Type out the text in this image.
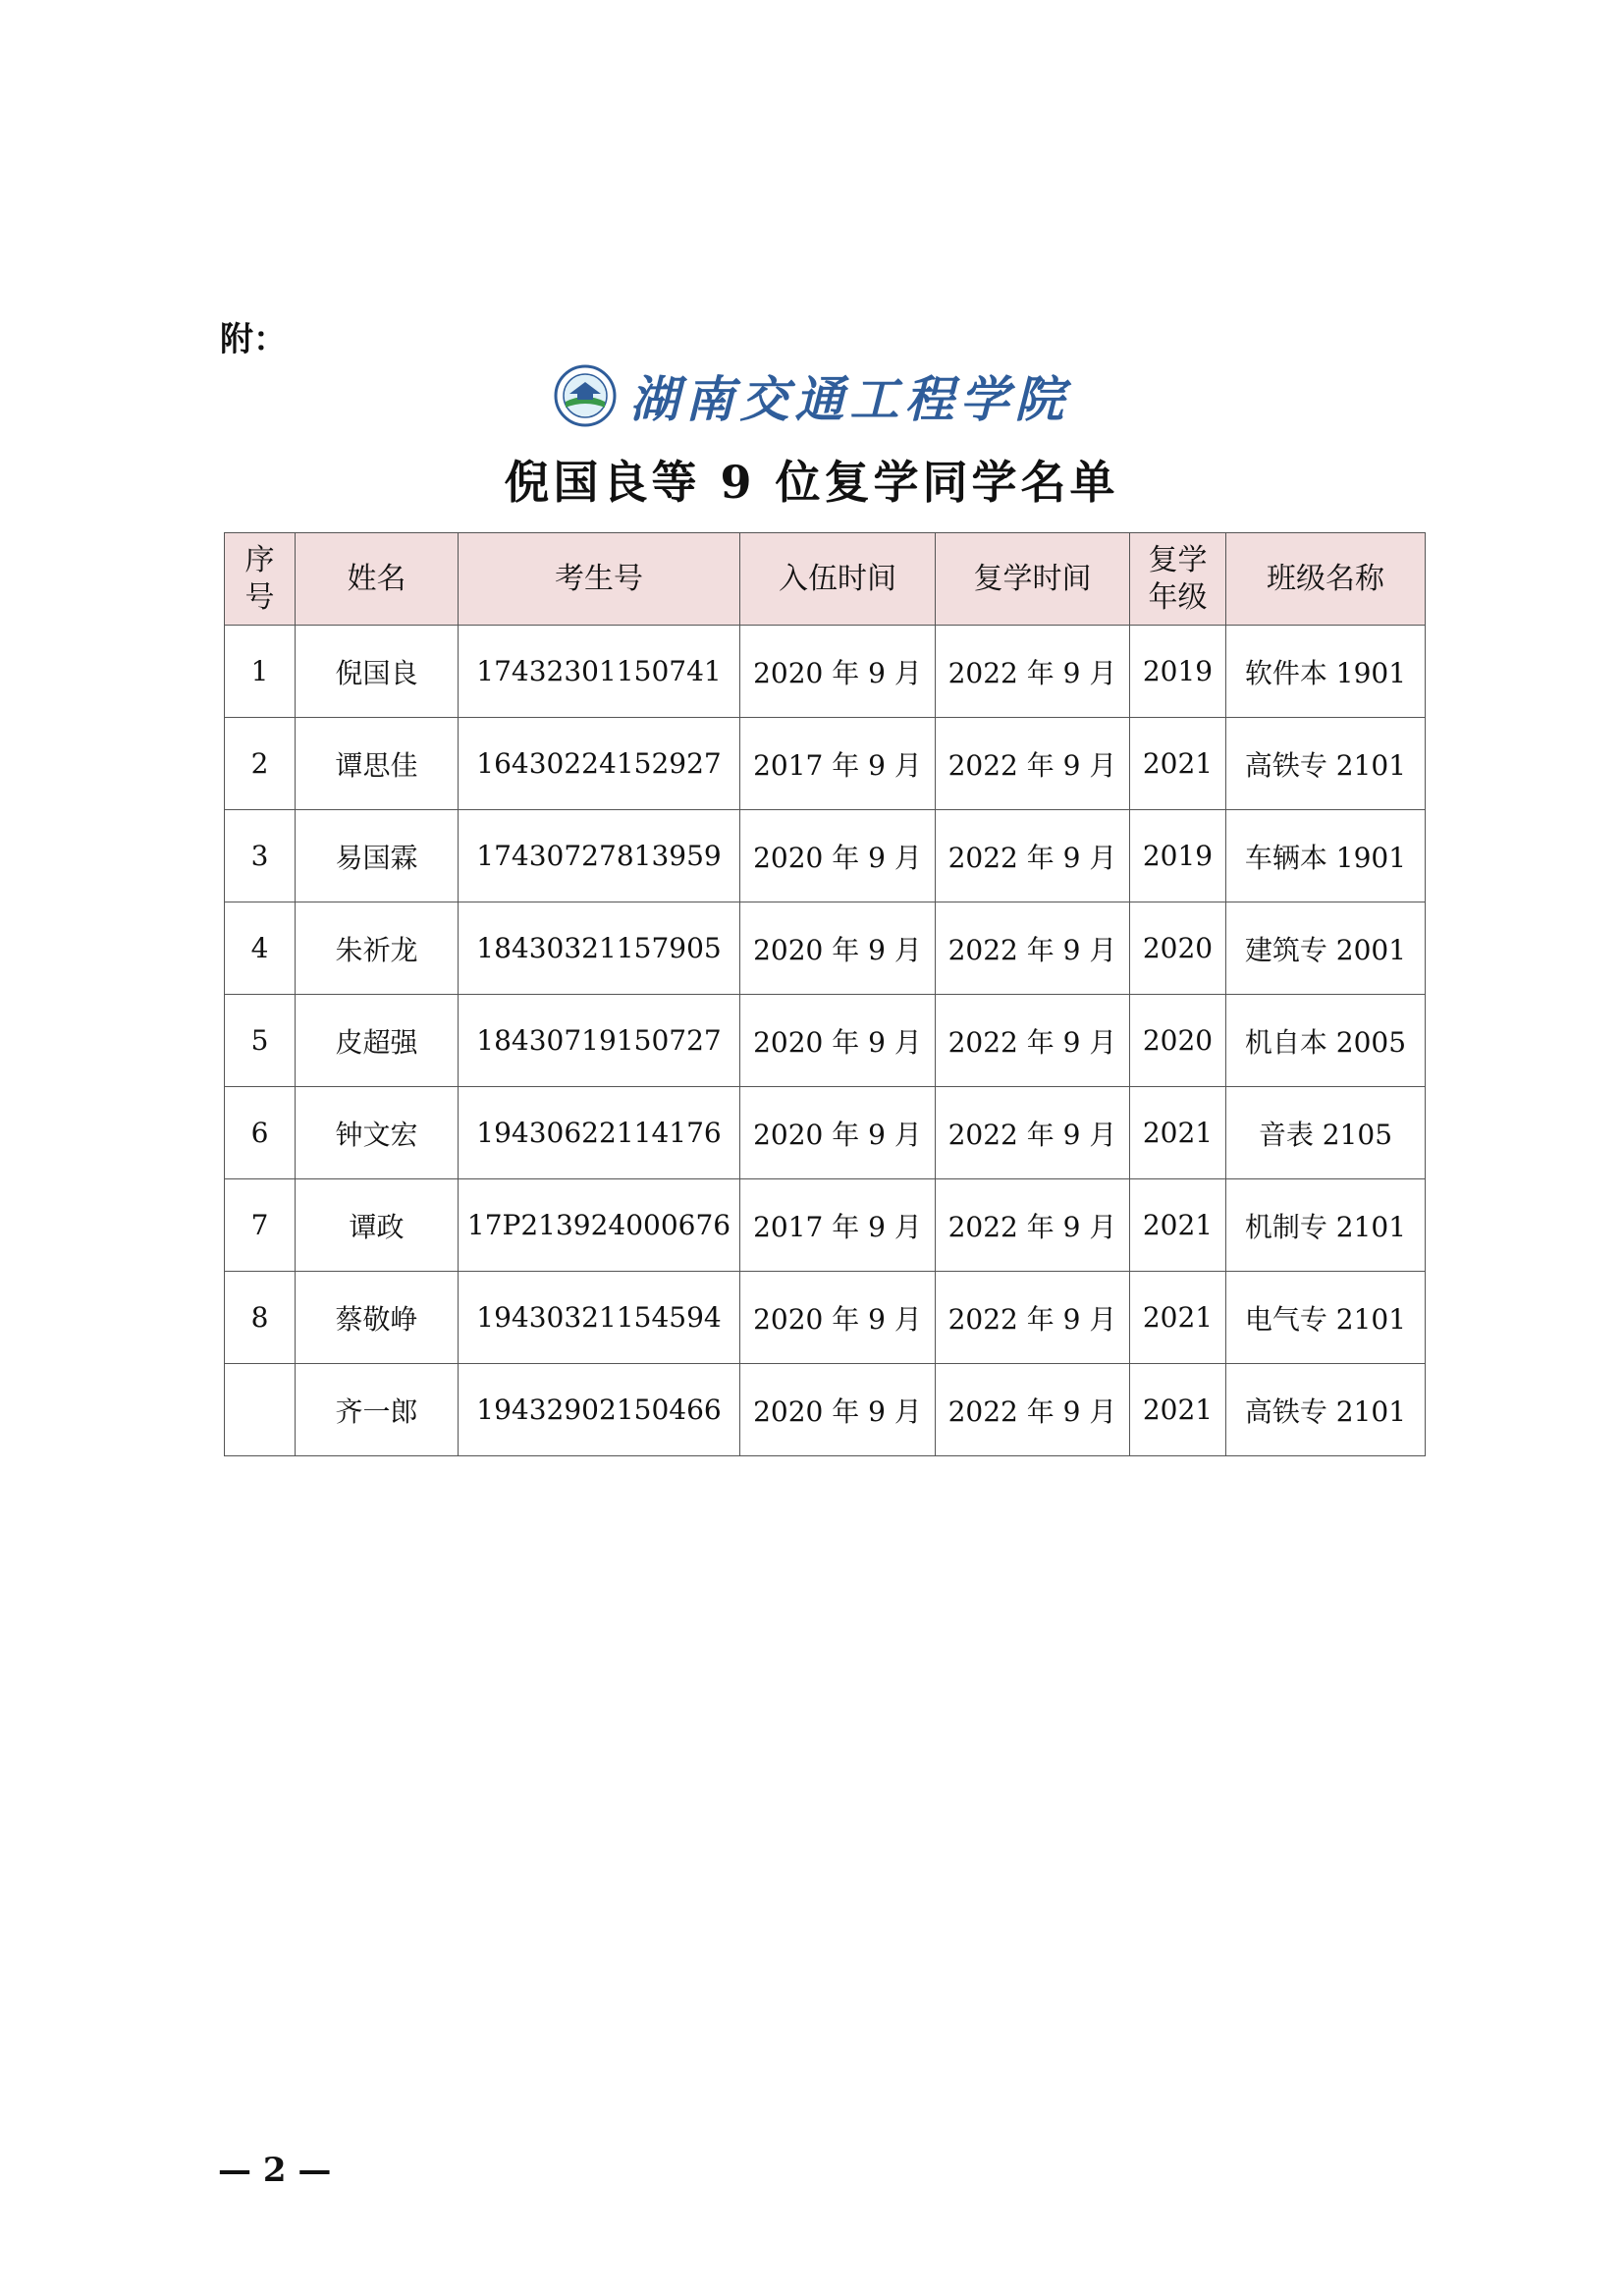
附：
湖南交通工程学院
倪国良等 9 位复学同学名单
序号	姓名	考生号	入伍时间	复学时间	复学年级	班级名称
1	倪国良	17432301150741	2020 年 9 月	2022 年 9 月	2019	软件本 1901
2	谭思佳	16430224152927	2017 年 9 月	2022 年 9 月	2021	高铁专 2101
3	易国霖	17430727813959	2020 年 9 月	2022 年 9 月	2019	车辆本 1901
4	朱祈龙	18430321157905	2020 年 9 月	2022 年 9 月	2020	建筑专 2001
5	皮超强	18430719150727	2020 年 9 月	2022 年 9 月	2020	机自本 2005
6	钟文宏	19430622114176	2020 年 9 月	2022 年 9 月	2021	音表 2105
7	谭政	17P213924000676	2017 年 9 月	2022 年 9 月	2021	机制专 2101
8	蔡敬峥	19430321154594	2020 年 9 月	2022 年 9 月	2021	电气专 2101
	齐一郎	19432902150466	2020 年 9 月	2022 年 9 月	2021	高铁专 2101
— 2 —
